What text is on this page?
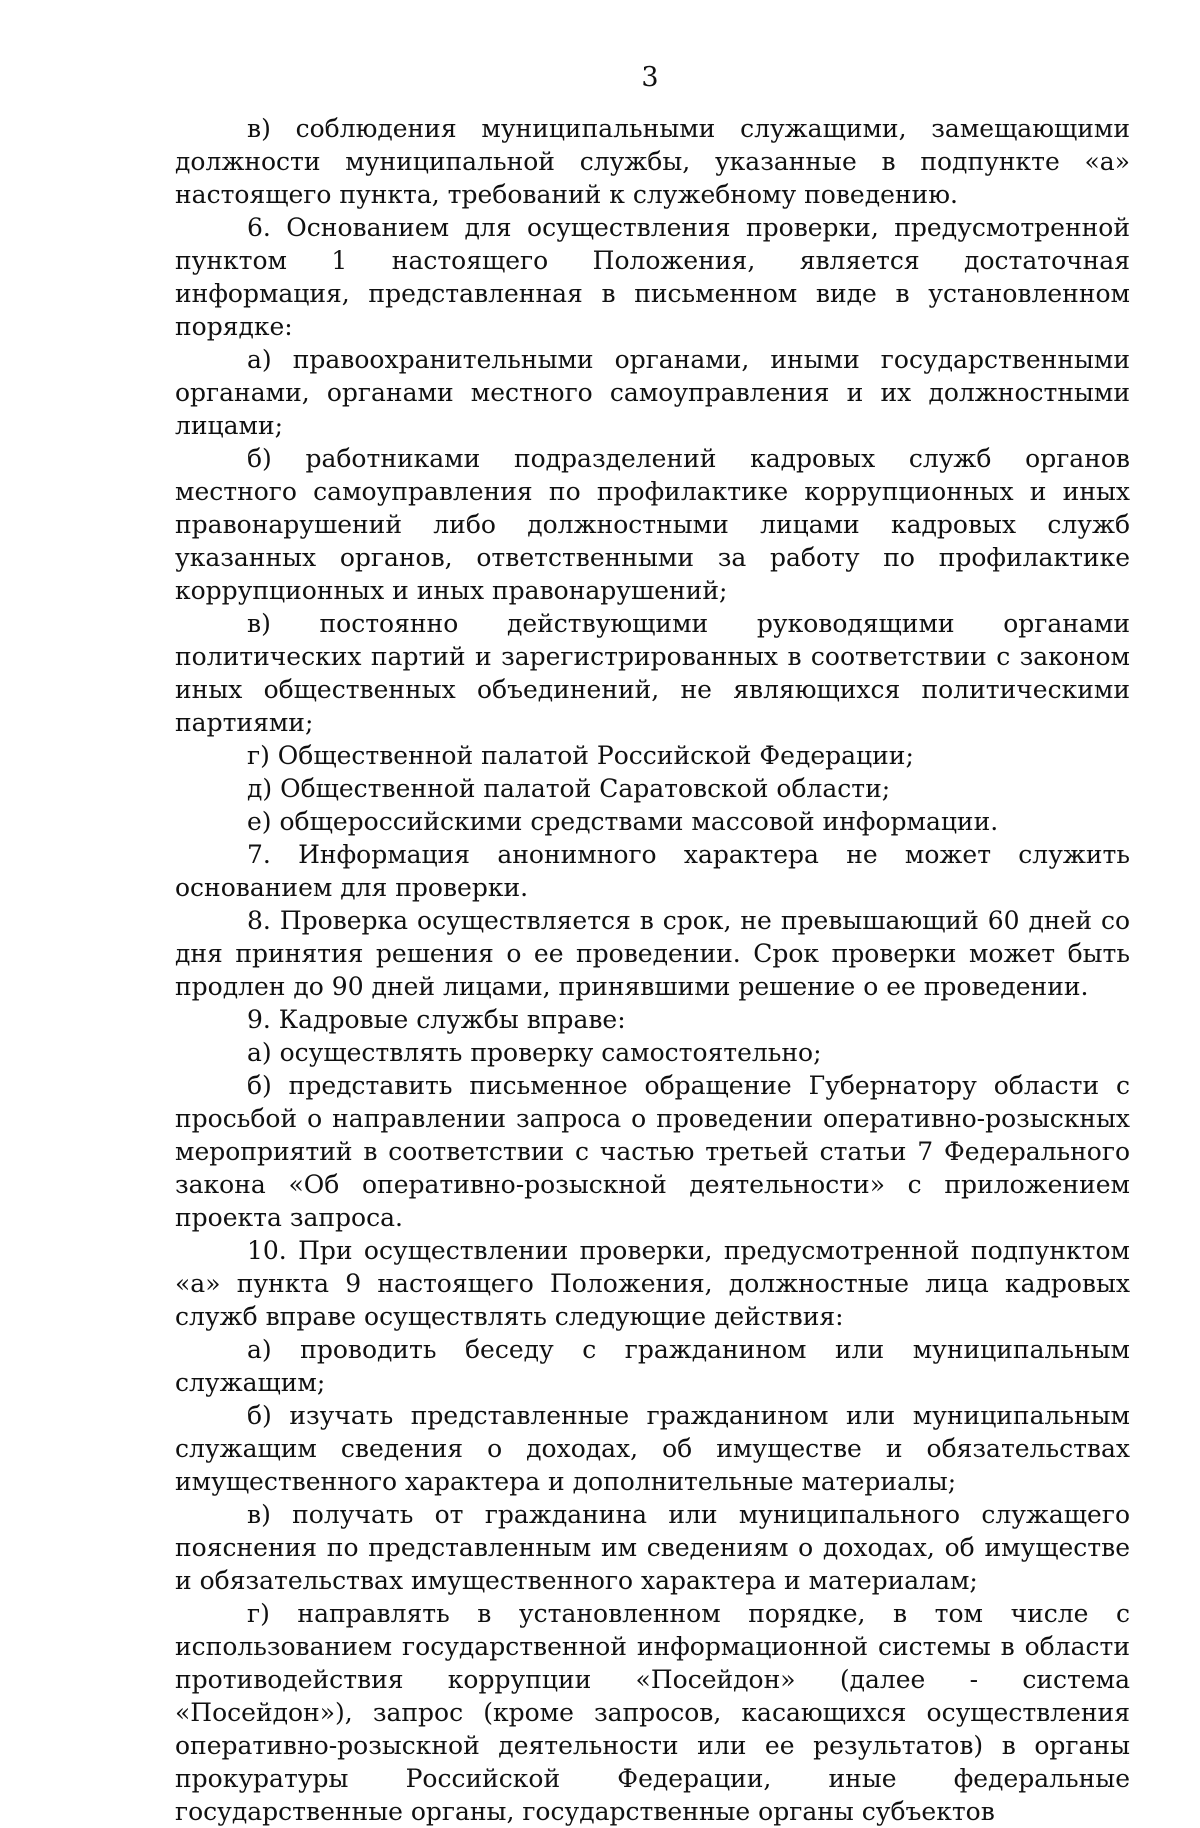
3

в) соблюдения муниципальными служащими, замещающими должности муниципальной службы, указанные в подпункте «а» настоящего пункта, требований к служебному поведению.

6. Основанием для осуществления проверки, предусмотренной пунктом 1 настоящего Положения, является достаточная информация, представленная в письменном виде в установленном порядке:

а) правоохранительными органами, иными государственными органами, органами местного самоуправления и их должностными лицами;

б) работниками подразделений кадровых служб органов местного самоуправления по профилактике коррупционных и иных правонарушений либо должностными лицами кадровых служб указанных органов, ответственными за работу по профилактике коррупционных и иных правонарушений;

в) постоянно действующими руководящими органами политических партий и зарегистрированных в соответствии с законом иных общественных объединений, не являющихся политическими партиями;

г) Общественной палатой Российской Федерации;

д) Общественной палатой Саратовской области;

е) общероссийскими средствами массовой информации.

7. Информация анонимного характера не может служить основанием для проверки.

8. Проверка осуществляется в срок, не превышающий 60 дней со дня принятия решения о ее проведении. Срок проверки может быть продлен до 90 дней лицами, принявшими решение о ее проведении.

9. Кадровые службы вправе:

а) осуществлять проверку самостоятельно;

б) представить письменное обращение Губернатору области с просьбой о направлении запроса о проведении оперативно-розыскных мероприятий в соответствии с частью третьей статьи 7 Федерального закона «Об оперативно-розыскной деятельности» с приложением проекта запроса.

10. При осуществлении проверки, предусмотренной подпунктом «а» пункта 9 настоящего Положения, должностные лица кадровых служб вправе осуществлять следующие действия:

а) проводить беседу с гражданином или муниципальным служащим;

б) изучать представленные гражданином или муниципальным служащим сведения о доходах, об имуществе и обязательствах имущественного характера и дополнительные материалы;

в) получать от гражданина или муниципального служащего пояснения по представленным им сведениям о доходах, об имуществе и обязательствах имущественного характера и материалам;

г) направлять в установленном порядке, в том числе с использованием государственной информационной системы в области противодействия коррупции «Посейдон» (далее - система «Посейдон»), запрос (кроме запросов, касающихся осуществления оперативно-розыскной деятельности или ее результатов) в органы прокуратуры Российской Федерации, иные федеральные государственные органы, государственные органы субъектов
